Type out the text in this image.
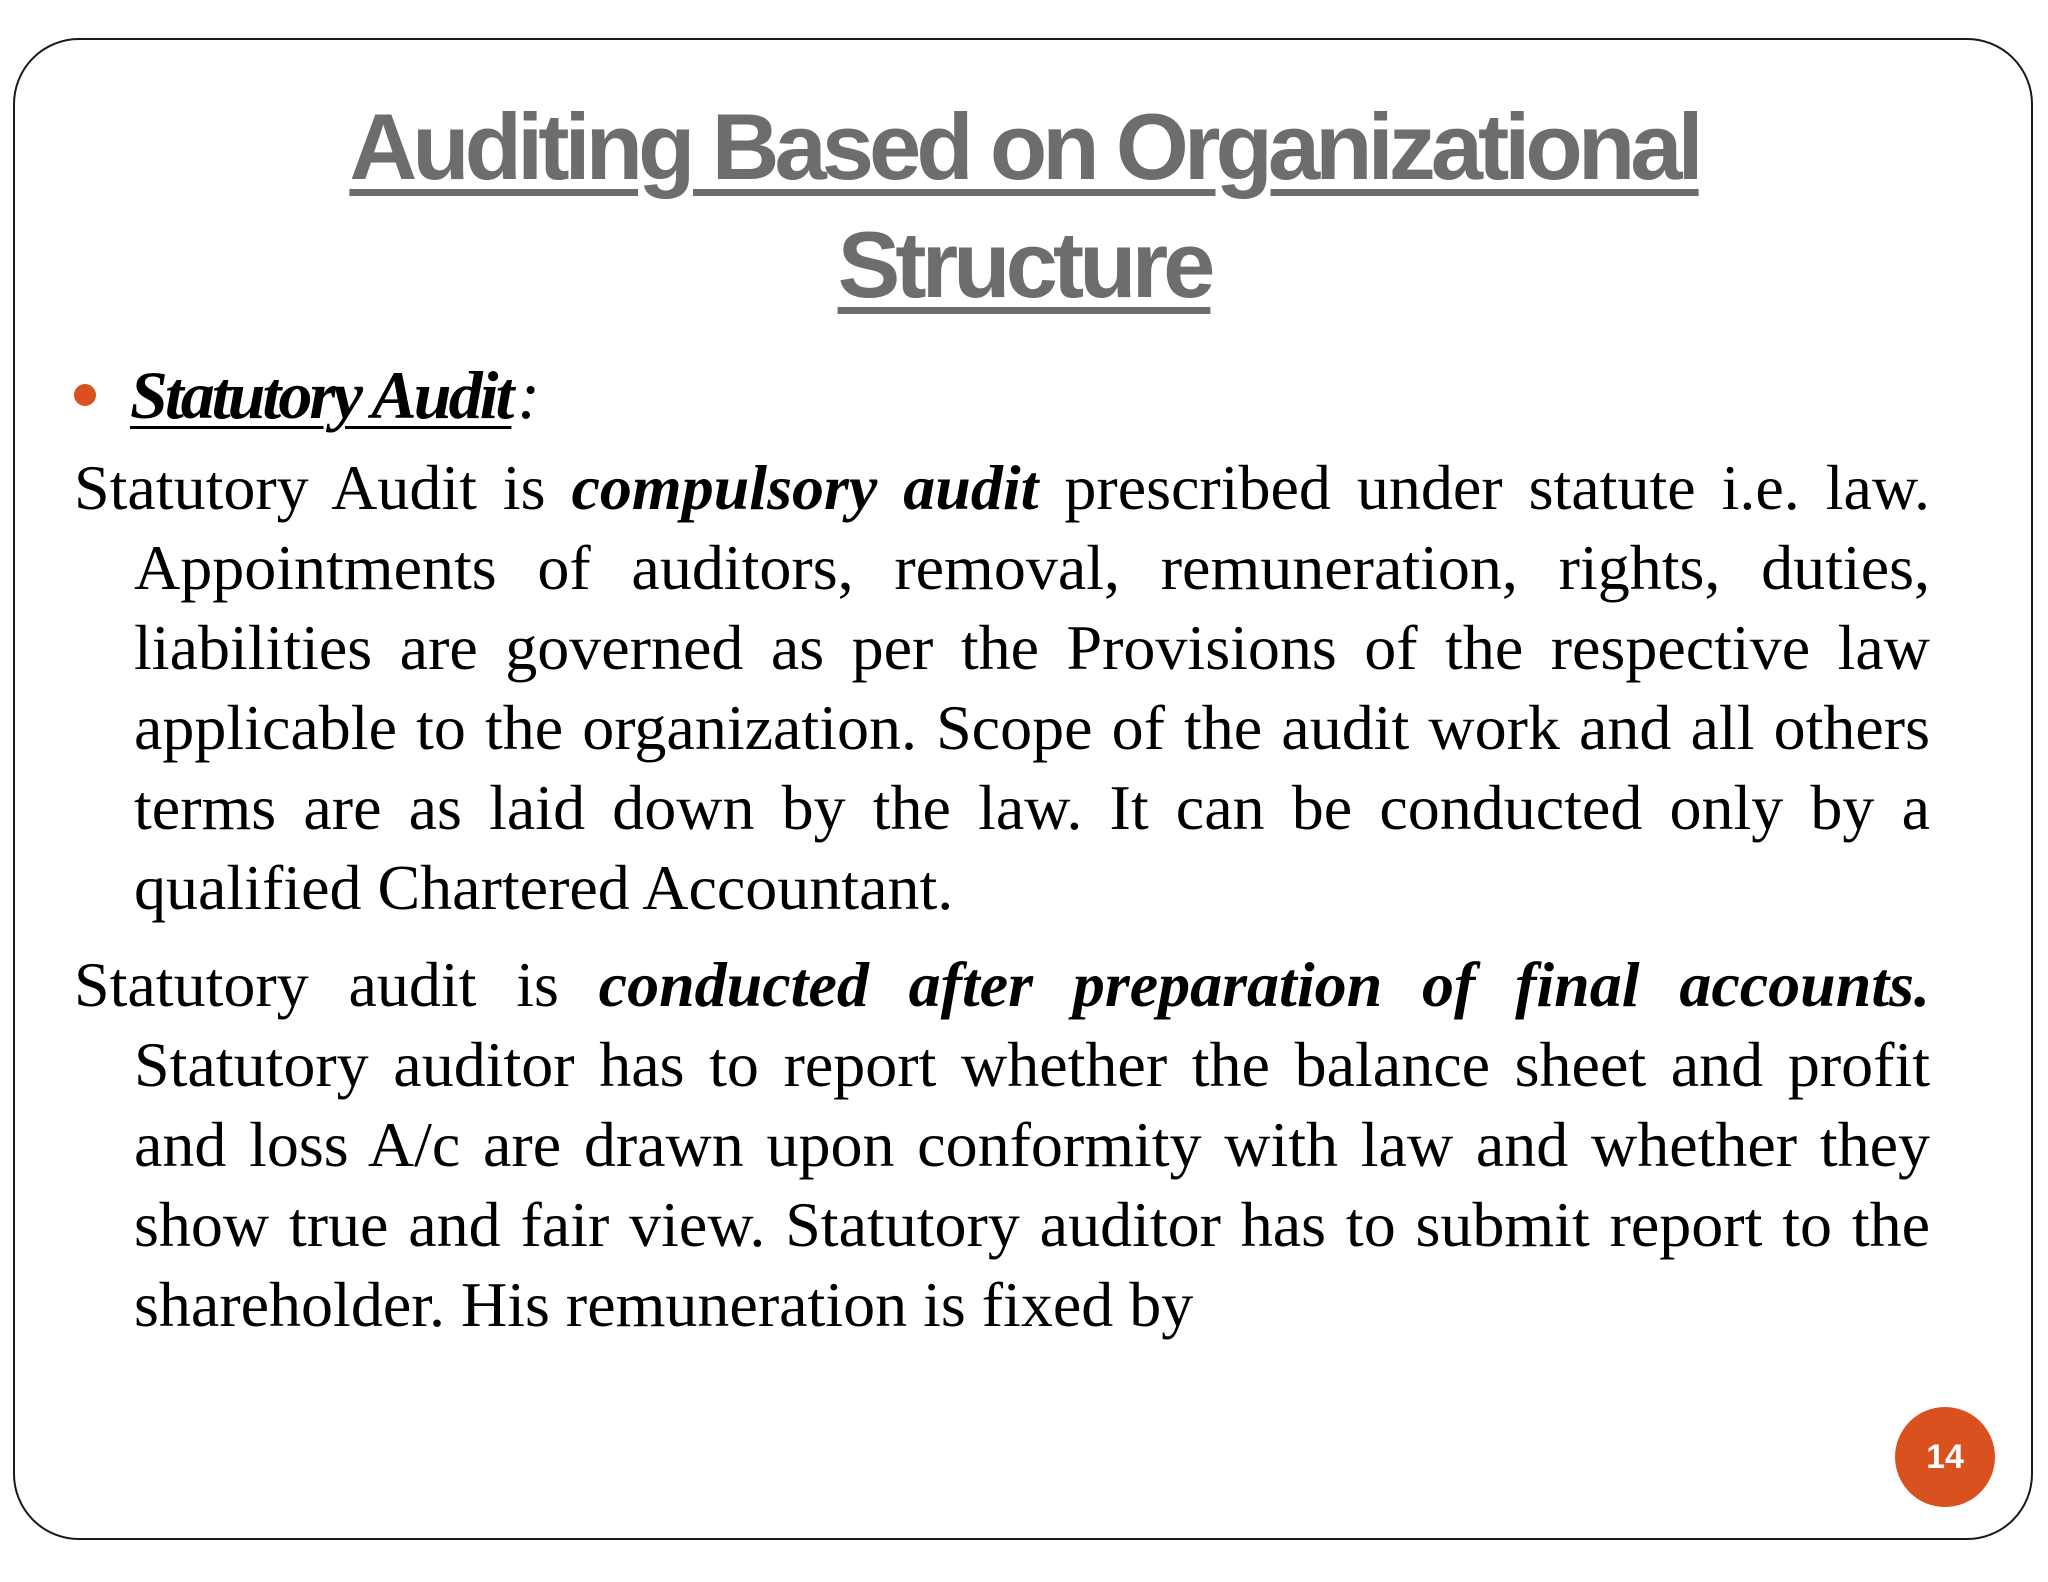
Auditing Based on Organizational
Structure
Statutory Audit :

Statutory Audit is compulsory audit prescribed under statute i.e. law. Appointments of auditors, removal, remuneration, rights, duties, liabilities are governed as per the Provisions of the respective law applicable to the organization. Scope of the audit work and all others terms are as laid down by the law. It can be conducted only by a qualified Chartered Accountant.

Statutory audit is conducted after preparation of final accounts. Statutory auditor has to report whether the balance sheet and profit and loss A/c are drawn upon conformity with law and whether they show true and fair view. Statutory auditor has to submit report to the shareholder. His remuneration is fixed by

14
